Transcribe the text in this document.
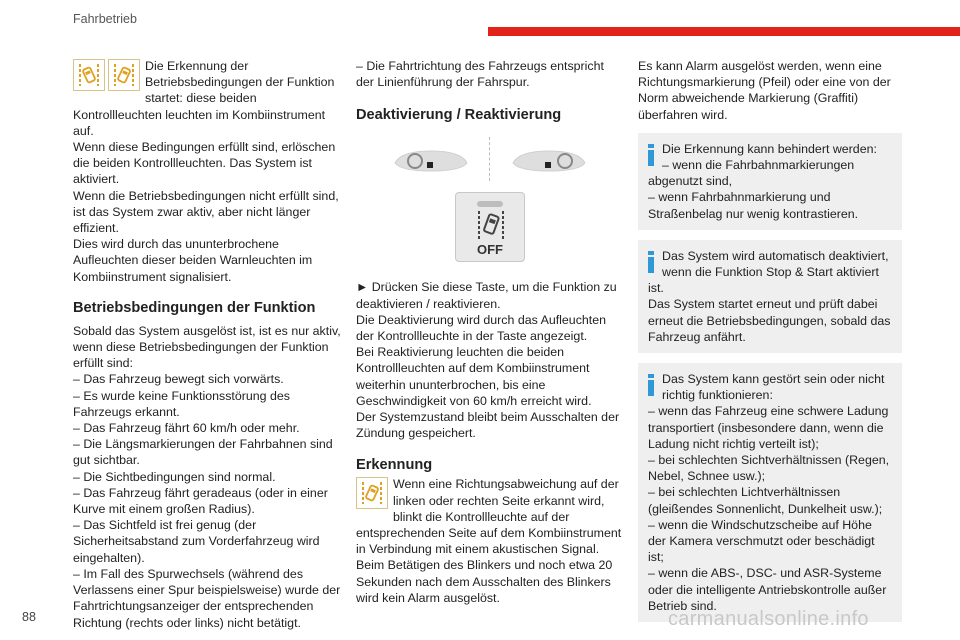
Fahrbetrieb

Die Erkennung der Betriebsbedingungen der Funktion startet: diese beiden Kontrollleuchten leuchten im Kombiinstrument auf.

Wenn diese Bedingungen erfüllt sind, erlöschen die beiden Kontrollleuchten. Das System ist aktiviert.

Wenn die Betriebsbedingungen nicht erfüllt sind, ist das System zwar aktiv, aber nicht länger effizient.

Dies wird durch das ununterbrochene Aufleuchten dieser beiden Warnleuchten im Kombiinstrument signalisiert.

Betriebsbedingungen der Funktion

Sobald das System ausgelöst ist, ist es nur aktiv, wenn diese Betriebsbedingungen der Funktion erfüllt sind:

– Das Fahrzeug bewegt sich vorwärts.

– Es wurde keine Funktionsstörung des Fahrzeugs erkannt.

– Das Fahrzeug fährt 60 km/h oder mehr.

– Die Längsmarkierungen der Fahrbahnen sind gut sichtbar.

– Die Sichtbedingungen sind normal.

– Das Fahrzeug fährt geradeaus (oder in einer Kurve mit einem großen Radius).

– Das Sichtfeld ist frei genug (der Sicherheitsabstand zum Vorderfahrzeug wird eingehalten).

– Im Fall des Spurwechsels (während des Verlassens einer Spur beispielsweise) wurde der Fahrtrichtungsanzeiger der entsprechenden Richtung (rechts oder links) nicht betätigt.

– Die Fahrtrichtung des Fahrzeugs entspricht der Linienführung der Fahrspur.

Deaktivierung / Reaktivierung
OFF

► Drücken Sie diese Taste, um die Funktion zu deaktivieren / reaktivieren.

Die Deaktivierung wird durch das Aufleuchten der Kontrollleuchte in der Taste angezeigt.

Bei Reaktivierung leuchten die beiden Kontrollleuchten auf dem Kombiinstrument weiterhin ununterbrochen, bis eine Geschwindigkeit von 60 km/h erreicht wird.

Der Systemzustand bleibt beim Ausschalten der Zündung gespeichert.

Erkennung

Wenn eine Richtungsabweichung auf der linken oder rechten Seite erkannt wird, blinkt die Kontrollleuchte auf der entsprechenden Seite auf dem Kombiinstrument in Verbindung mit einem akustischen Signal.

Beim Betätigen des Blinkers und noch etwa 20 Sekunden nach dem Ausschalten des Blinkers wird kein Alarm ausgelöst.

Es kann Alarm ausgelöst werden, wenn eine Richtungsmarkierung (Pfeil) oder eine von der Norm abweichende Markierung (Graffiti) überfahren wird.

Die Erkennung kann behindert werden:

– wenn die Fahrbahnmarkierungen abgenutzt sind,

– wenn Fahrbahnmarkierung und Straßenbelag nur wenig kontrastieren.

Das System wird automatisch deaktiviert, wenn die Funktion Stop & Start aktiviert ist.

Das System startet erneut und prüft dabei erneut die Betriebsbedingungen, sobald das Fahrzeug anfährt.

Das System kann gestört sein oder nicht richtig funktionieren:

– wenn das Fahrzeug eine schwere Ladung transportiert (insbesondere dann, wenn die Ladung nicht richtig verteilt ist);

– bei schlechten Sichtverhältnissen (Regen, Nebel, Schnee usw.);

– bei schlechten Lichtverhältnissen (gleißendes Sonnenlicht, Dunkelheit usw.);

– wenn die Windschutzscheibe auf Höhe der Kamera verschmutzt oder beschädigt ist;

– wenn die ABS-, DSC- und ASR-Systeme oder die intelligente Antriebskontrolle außer Betrieb sind.

88	carmanualsonline.info
